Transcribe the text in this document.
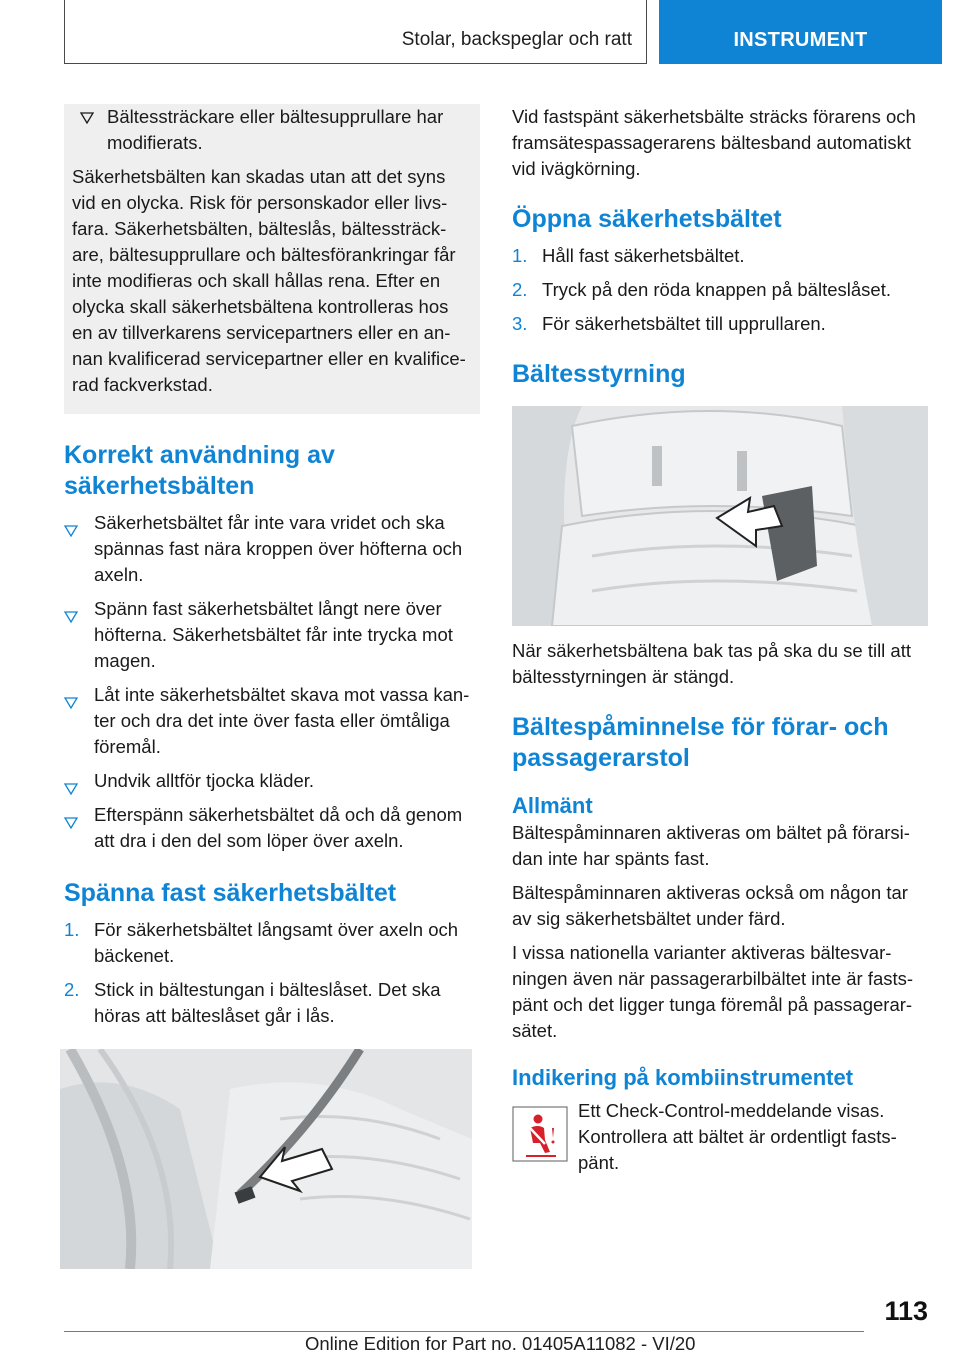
Stolar, backspeglar och ratt	INSTRUMENT

Bältessträckare eller bältesupprullare har modifierats.

Säkerhetsbälten kan skadas utan att det syns vid en olycka. Risk för personskador eller livs-fara. Säkerhetsbälten, bälteslås, bältessträck-are, bältesupprullare och bältesförankringar får inte modifieras och skall hållas rena. Efter en olycka skall säkerhetsbältena kontrolleras hos en av tillverkarens servicepartners eller en an-nan kvalificerad servicepartner eller en kvalifice-rad fackverkstad.

Korrekt användning av säkerhetsbälten
Säkerhetsbältet får inte vara vridet och ska spännas fast nära kroppen över höfterna och axeln.
Spänn fast säkerhetsbältet långt nere över höfterna. Säkerhetsbältet får inte trycka mot magen.
Låt inte säkerhetsbältet skava mot vassa kan-ter och dra det inte över fasta eller ömtåliga föremål.
Undvik alltför tjocka kläder.
Efterspänn säkerhetsbältet då och då genom att dra i den del som löper över axeln.
Spänna fast säkerhetsbältet
1. För säkerhetsbältet långsamt över axeln och bäckenet.
2. Stick in bältestungan i bälteslåset. Det ska höras att bälteslåset går i lås.

Vid fastspänt säkerhetsbälte sträcks förarens och framsätespassagerarens bältesband automatiskt vid ivägkörning.

Öppna säkerhetsbältet
1. Håll fast säkerhetsbältet.
2. Tryck på den röda knappen på bälteslåset.
3. För säkerhetsbältet till upprullaren.
Bältesstyrning

När säkerhetsbältena bak tas på ska du se till att bältesstyrningen är stängd.

Bältespåminnelse för förar- och passagerarstol
Allmänt

Bältespåminnaren aktiveras om bältet på förarsi-dan inte har spänts fast.

Bältespåminnaren aktiveras också om någon tar av sig säkerhetsbältet under färd.

I vissa nationella varianter aktiveras bältesvar-ningen även när passagerarbilbältet inte är fasts-pänt och det ligger tunga föremål på passagerar-sätet.

Indikering på kombiinstrumentet

Ett Check-Control-meddelande visas. Kontrollera att bältet är ordentligt fasts-pänt.

113
Online Edition for Part no. 01405A11082 - VI/20
